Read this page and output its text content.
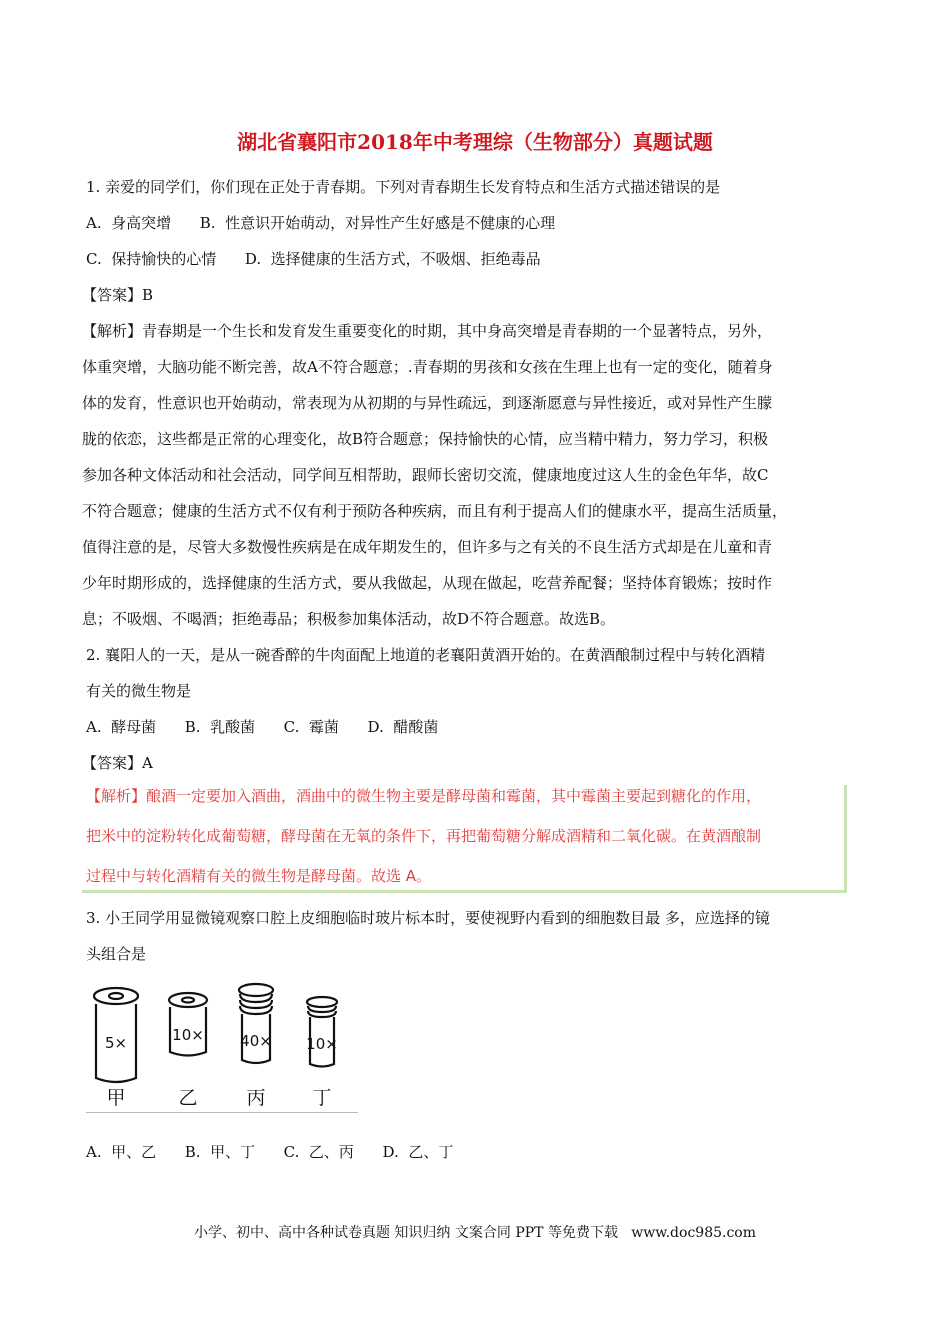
湖北省襄阳市2018年中考理综（生物部分）真题试题
1. 亲爱的同学们，你们现在正处于青春期。下列对青春期生长发育特点和生活方式描述错误的是
A.  身高突增      B.  性意识开始萌动，对异性产生好感是不健康的心理
C.  保持愉快的心情      D.  选择健康的生活方式，不吸烟、拒绝毒品
【答案】B
【解析】青春期是一个生长和发育发生重要变化的时期，其中身高突增是青春期的一个显著特点，另外，
体重突增，大脑功能不断完善，故A不符合题意；.青春期的男孩和女孩在生理上也有一定的变化，随着身
体的发育，性意识也开始萌动，常表现为从初期的与异性疏远，到逐渐愿意与异性接近，或对异性产生朦
胧的依恋，这些都是正常的心理变化，故B符合题意；保持愉快的心情，应当精中精力，努力学习，积极
参加各种文体活动和社会活动，同学间互相帮助，跟师长密切交流，健康地度过这人生的金色年华，故C
不符合题意；健康的生活方式不仅有利于预防各种疾病，而且有利于提高人们的健康水平，提高生活质量，
值得注意的是，尽管大多数慢性疾病是在成年期发生的，但许多与之有关的不良生活方式却是在儿童和青
少年时期形成的，选择健康的生活方式，要从我做起，从现在做起，吃营养配餐；坚持体育锻炼；按时作
息；不吸烟、不喝酒；拒绝毒品；积极参加集体活动，故D不符合题意。故选B。
2. 襄阳人的一天，是从一碗香醉的牛肉面配上地道的老襄阳黄酒开始的。在黄酒酿制过程中与转化酒精
有关的微生物是
A.  酵母菌      B.  乳酸菌      C.  霉菌      D.  醋酸菌
【答案】A
【解析】酿酒一定要加入酒曲，酒曲中的微生物主要是酵母菌和霉菌，其中霉菌主要起到糖化的作用，
把米中的淀粉转化成葡萄糖，酵母菌在无氧的条件下，再把葡萄糖分解成酒精和二氧化碳。在黄酒酿制
过程中与转化酒精有关的微生物是酵母菌。故选 A。
3. 小王同学用显微镜观察口腔上皮细胞临时玻片标本时，要使视野内看到的细胞数目最 多，应选择的镜
头组合是
5×	10× 40× 10×
甲	乙	丙 丁
A.  甲、乙      B.  甲、丁      C.  乙、丙      D.  乙、丁
小学、初中、高中各种试卷真题 知识归纳 文案合同 PPT 等免费下载   www.doc985.com
